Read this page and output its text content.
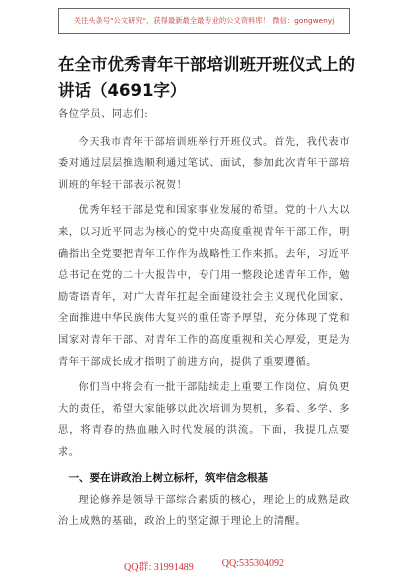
关注头条号"公文研究"，获得最新最全最专业的公文资料库！ 微信：gongwenyj
在全市优秀青年干部培训班开班仪式上的讲话（4691字）

各位学员、同志们:

今天我市青年干部培训班举行开班仪式。首先，我代表市委对通过层层推选顺利通过笔试、面试，参加此次青年干部培训班的年轻干部表示祝贺！

优秀年轻干部是党和国家事业发展的希望。党的十八大以来，以习近平同志为核心的党中央高度重视青年干部工作，明确指出全党要把青年工作作为战略性工作来抓。去年，习近平总书记在党的二十大报告中，专门用一整段论述青年工作，勉励寄语青年，对广大青年扛起全面建设社会主义现代化国家、全面推进中华民族伟大复兴的重任寄予厚望，充分体现了党和国家对青年干部、对青年工作的高度重视和关心厚爱，更是为青年干部成长成才指明了前进方向，提供了重要遵循。

你们当中将会有一批干部陆续走上重要工作岗位、肩负更大的责任，希望大家能够以此次培训为契机，多看、多学、多思，将青春的热血融入时代发展的洪流。下面，我提几点要求。

一、要在讲政治上树立标杆，筑牢信念根基

理论修养是领导干部综合素质的核心，理论上的成熟是政治上成熟的基础，政治上的坚定源于理论上的清醒。

QQ群: 31991489	QQ:535304092
